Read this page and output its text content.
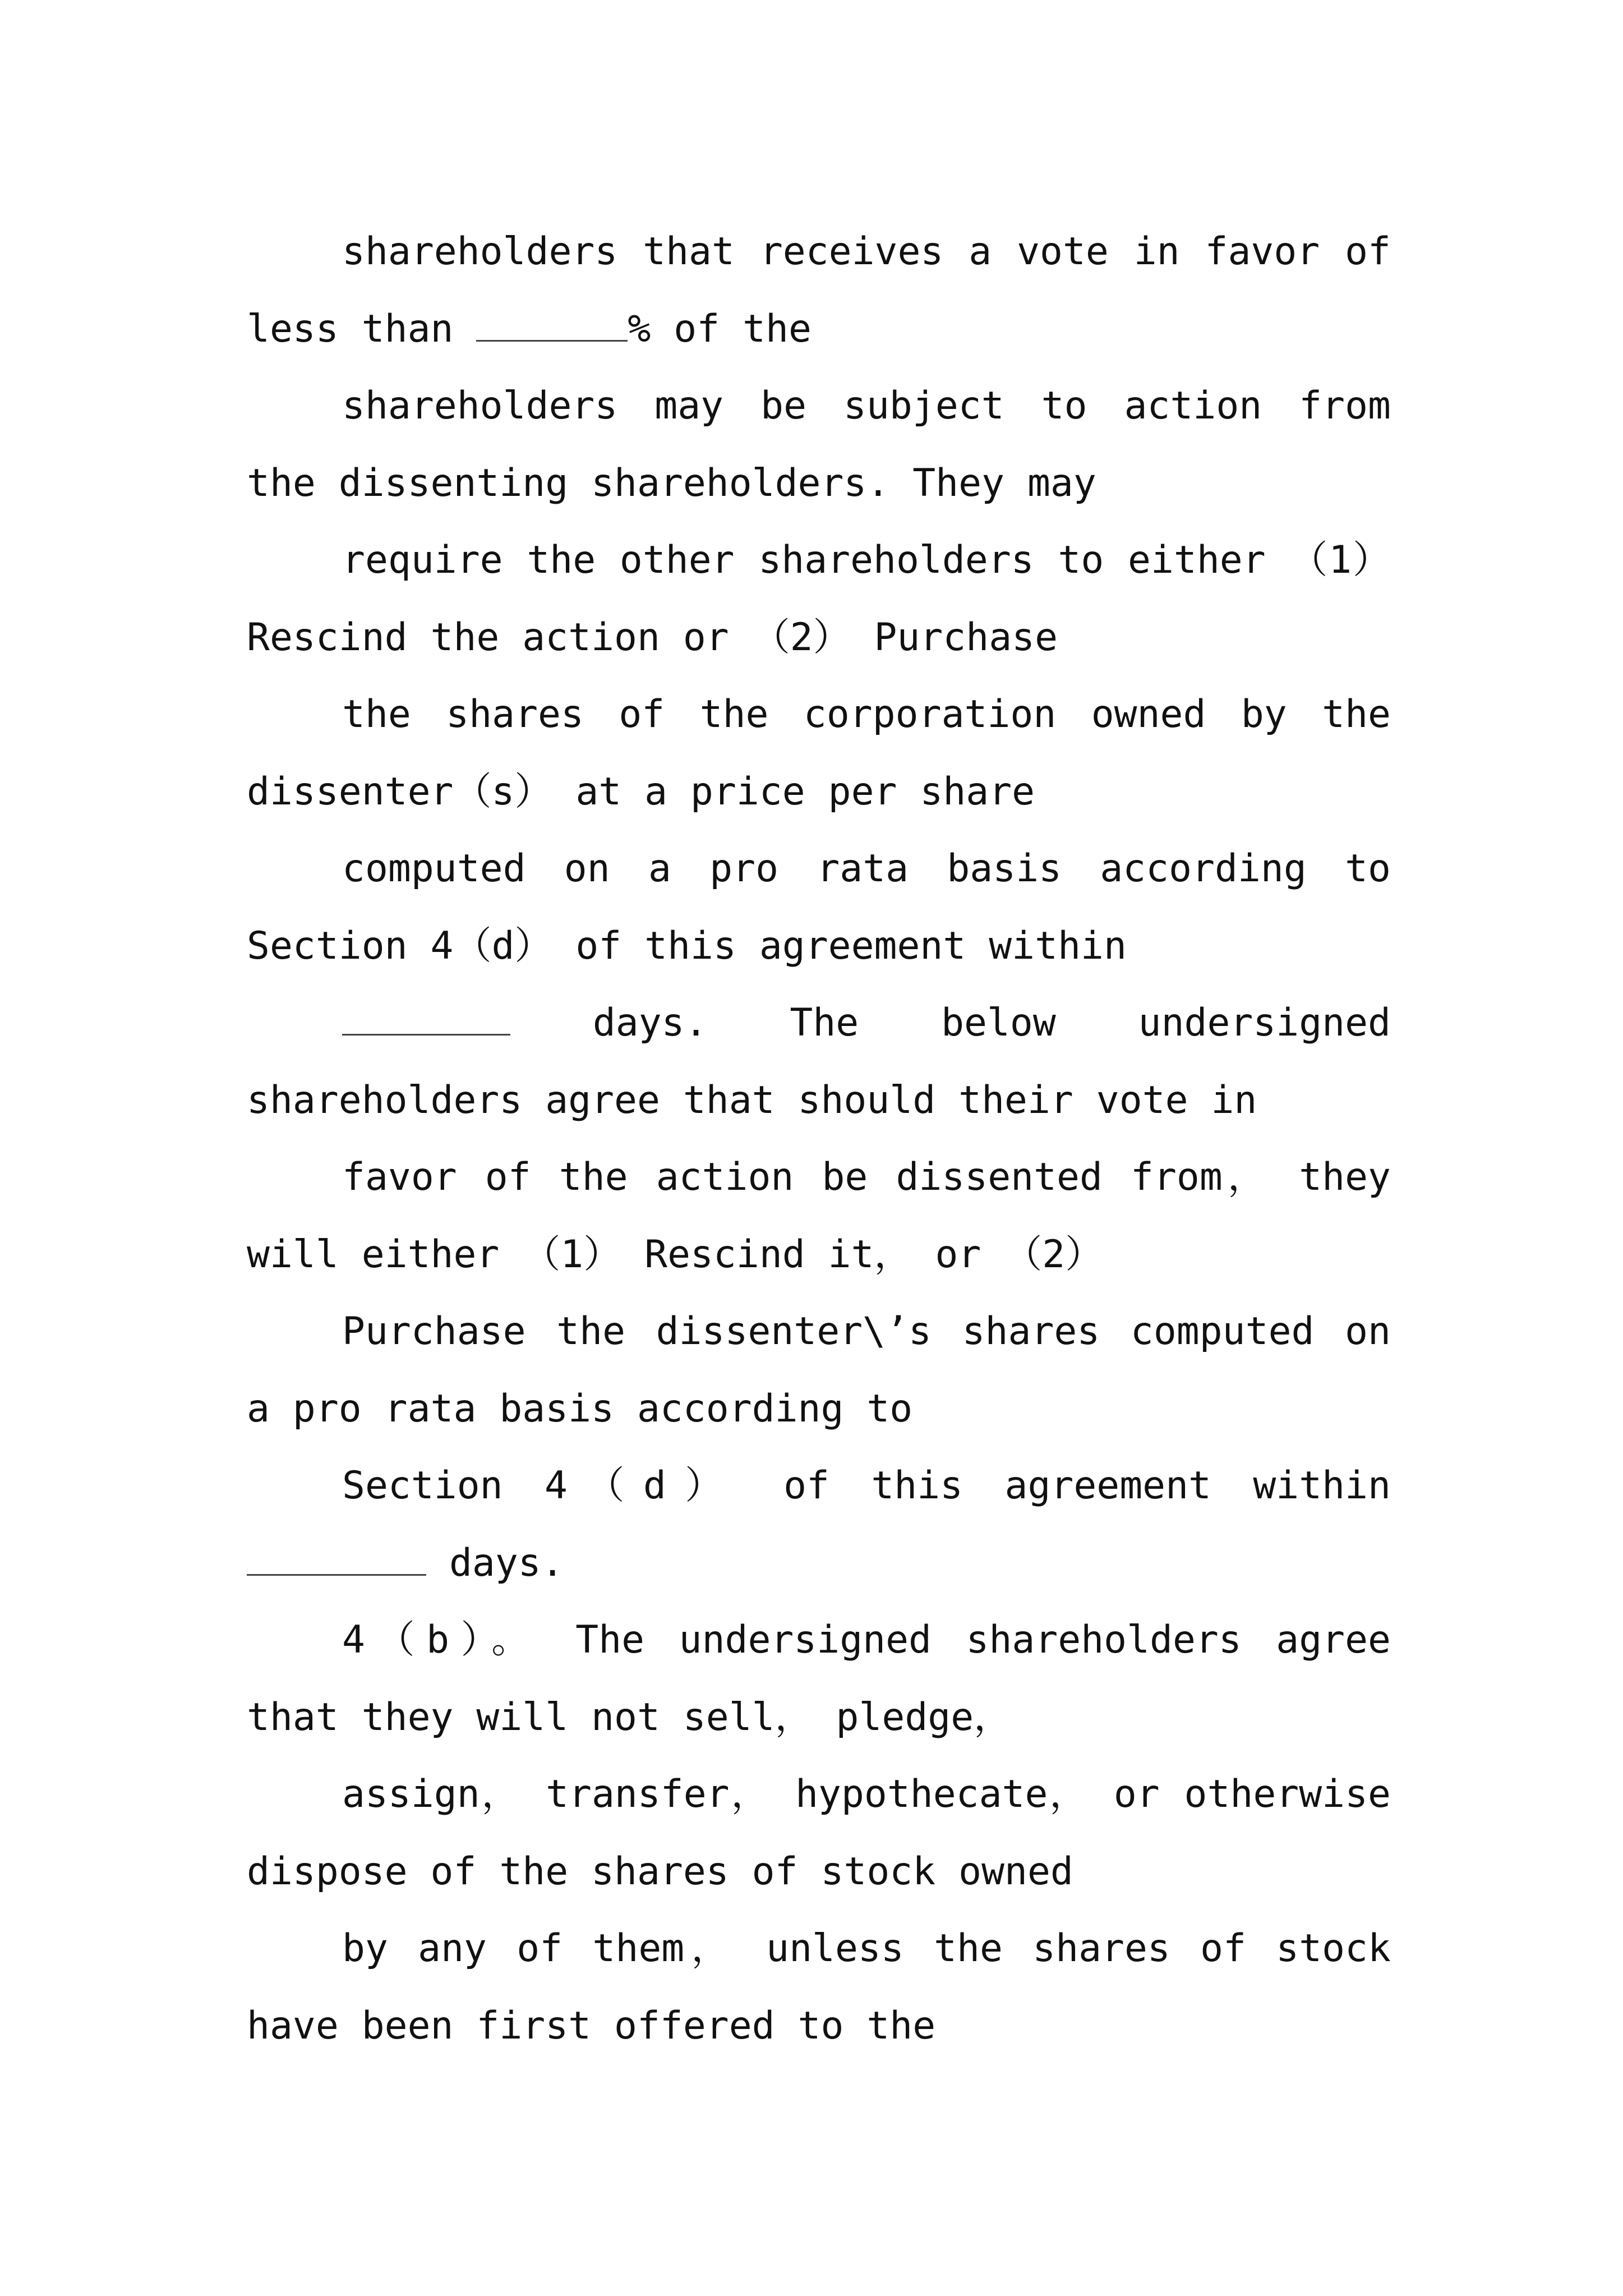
shareholders that receives a vote in favor of less than	% of the

shareholders may be subject to action from the dissenting shareholders. They may

require the other shareholders to either （1） Rescind the action or （2） Purchase

the shares of the corporation owned by the dissenter（s） at a price per share

computed on a pro rata basis according to Section 4（d） of this agreement within

days. The below undersigned shareholders agree that should their vote in

favor of the action be dissented from， they will either （1） Rescind it， or （2）

Purchase the dissenter\’s shares computed on a pro rata basis according to

Section 4（d） of this agreement within  days.

4（b）。 The undersigned shareholders agree that they will not sell， pledge，

assign， transfer， hypothecate， or otherwise dispose of the shares of stock owned

by any of them， unless the shares of stock have been first offered to the
